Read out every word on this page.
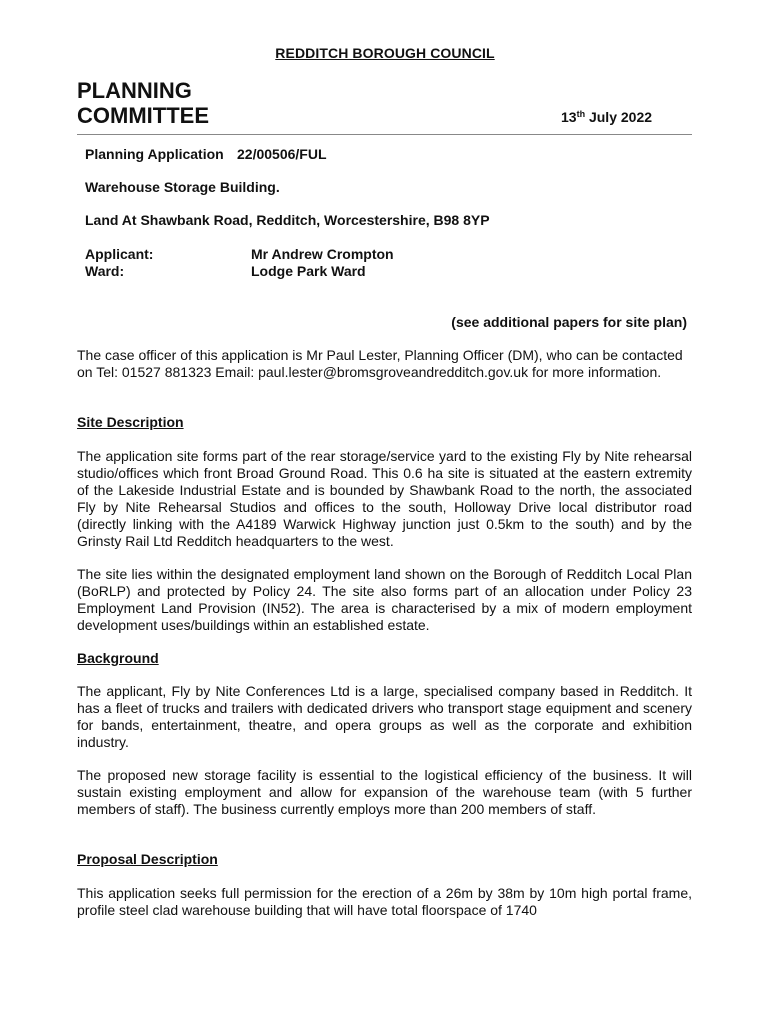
REDDITCH BOROUGH COUNCIL
PLANNING
COMMITTEE	13th July 2022
Planning Application 22/00506/FUL
Warehouse Storage Building.
Land At Shawbank Road, Redditch, Worcestershire, B98 8YP
Applicant:	Mr Andrew Crompton
Ward:	Lodge Park Ward
(see additional papers for site plan)
The case officer of this application is Mr Paul Lester, Planning Officer (DM), who can be contacted on Tel: 01527 881323 Email: paul.lester@bromsgroveandredditch.gov.uk for more information.
Site Description
The application site forms part of the rear storage/service yard to the existing Fly by Nite rehearsal studio/offices which front Broad Ground Road. This 0.6 ha site is situated at the eastern extremity of the Lakeside Industrial Estate and is bounded by Shawbank Road to the north, the associated Fly by Nite Rehearsal Studios and offices to the south, Holloway Drive local distributor road (directly linking with the A4189 Warwick Highway junction just 0.5km to the south) and by the Grinsty Rail Ltd Redditch headquarters to the west.
The site lies within the designated employment land shown on the Borough of Redditch Local Plan (BoRLP) and protected by Policy 24. The site also forms part of an allocation under Policy 23 Employment Land Provision (IN52). The area is characterised by a mix of modern employment development uses/buildings within an established estate.
Background
The applicant, Fly by Nite Conferences Ltd is a large, specialised company based in Redditch. It has a fleet of trucks and trailers with dedicated drivers who transport stage equipment and scenery for bands, entertainment, theatre, and opera groups as well as the corporate and exhibition industry.
The proposed new storage facility is essential to the logistical efficiency of the business. It will sustain existing employment and allow for expansion of the warehouse team (with 5 further members of staff). The business currently employs more than 200 members of staff.
Proposal Description
This application seeks full permission for the erection of a 26m by 38m by 10m high portal frame, profile steel clad warehouse building that will have total floorspace of 1740
